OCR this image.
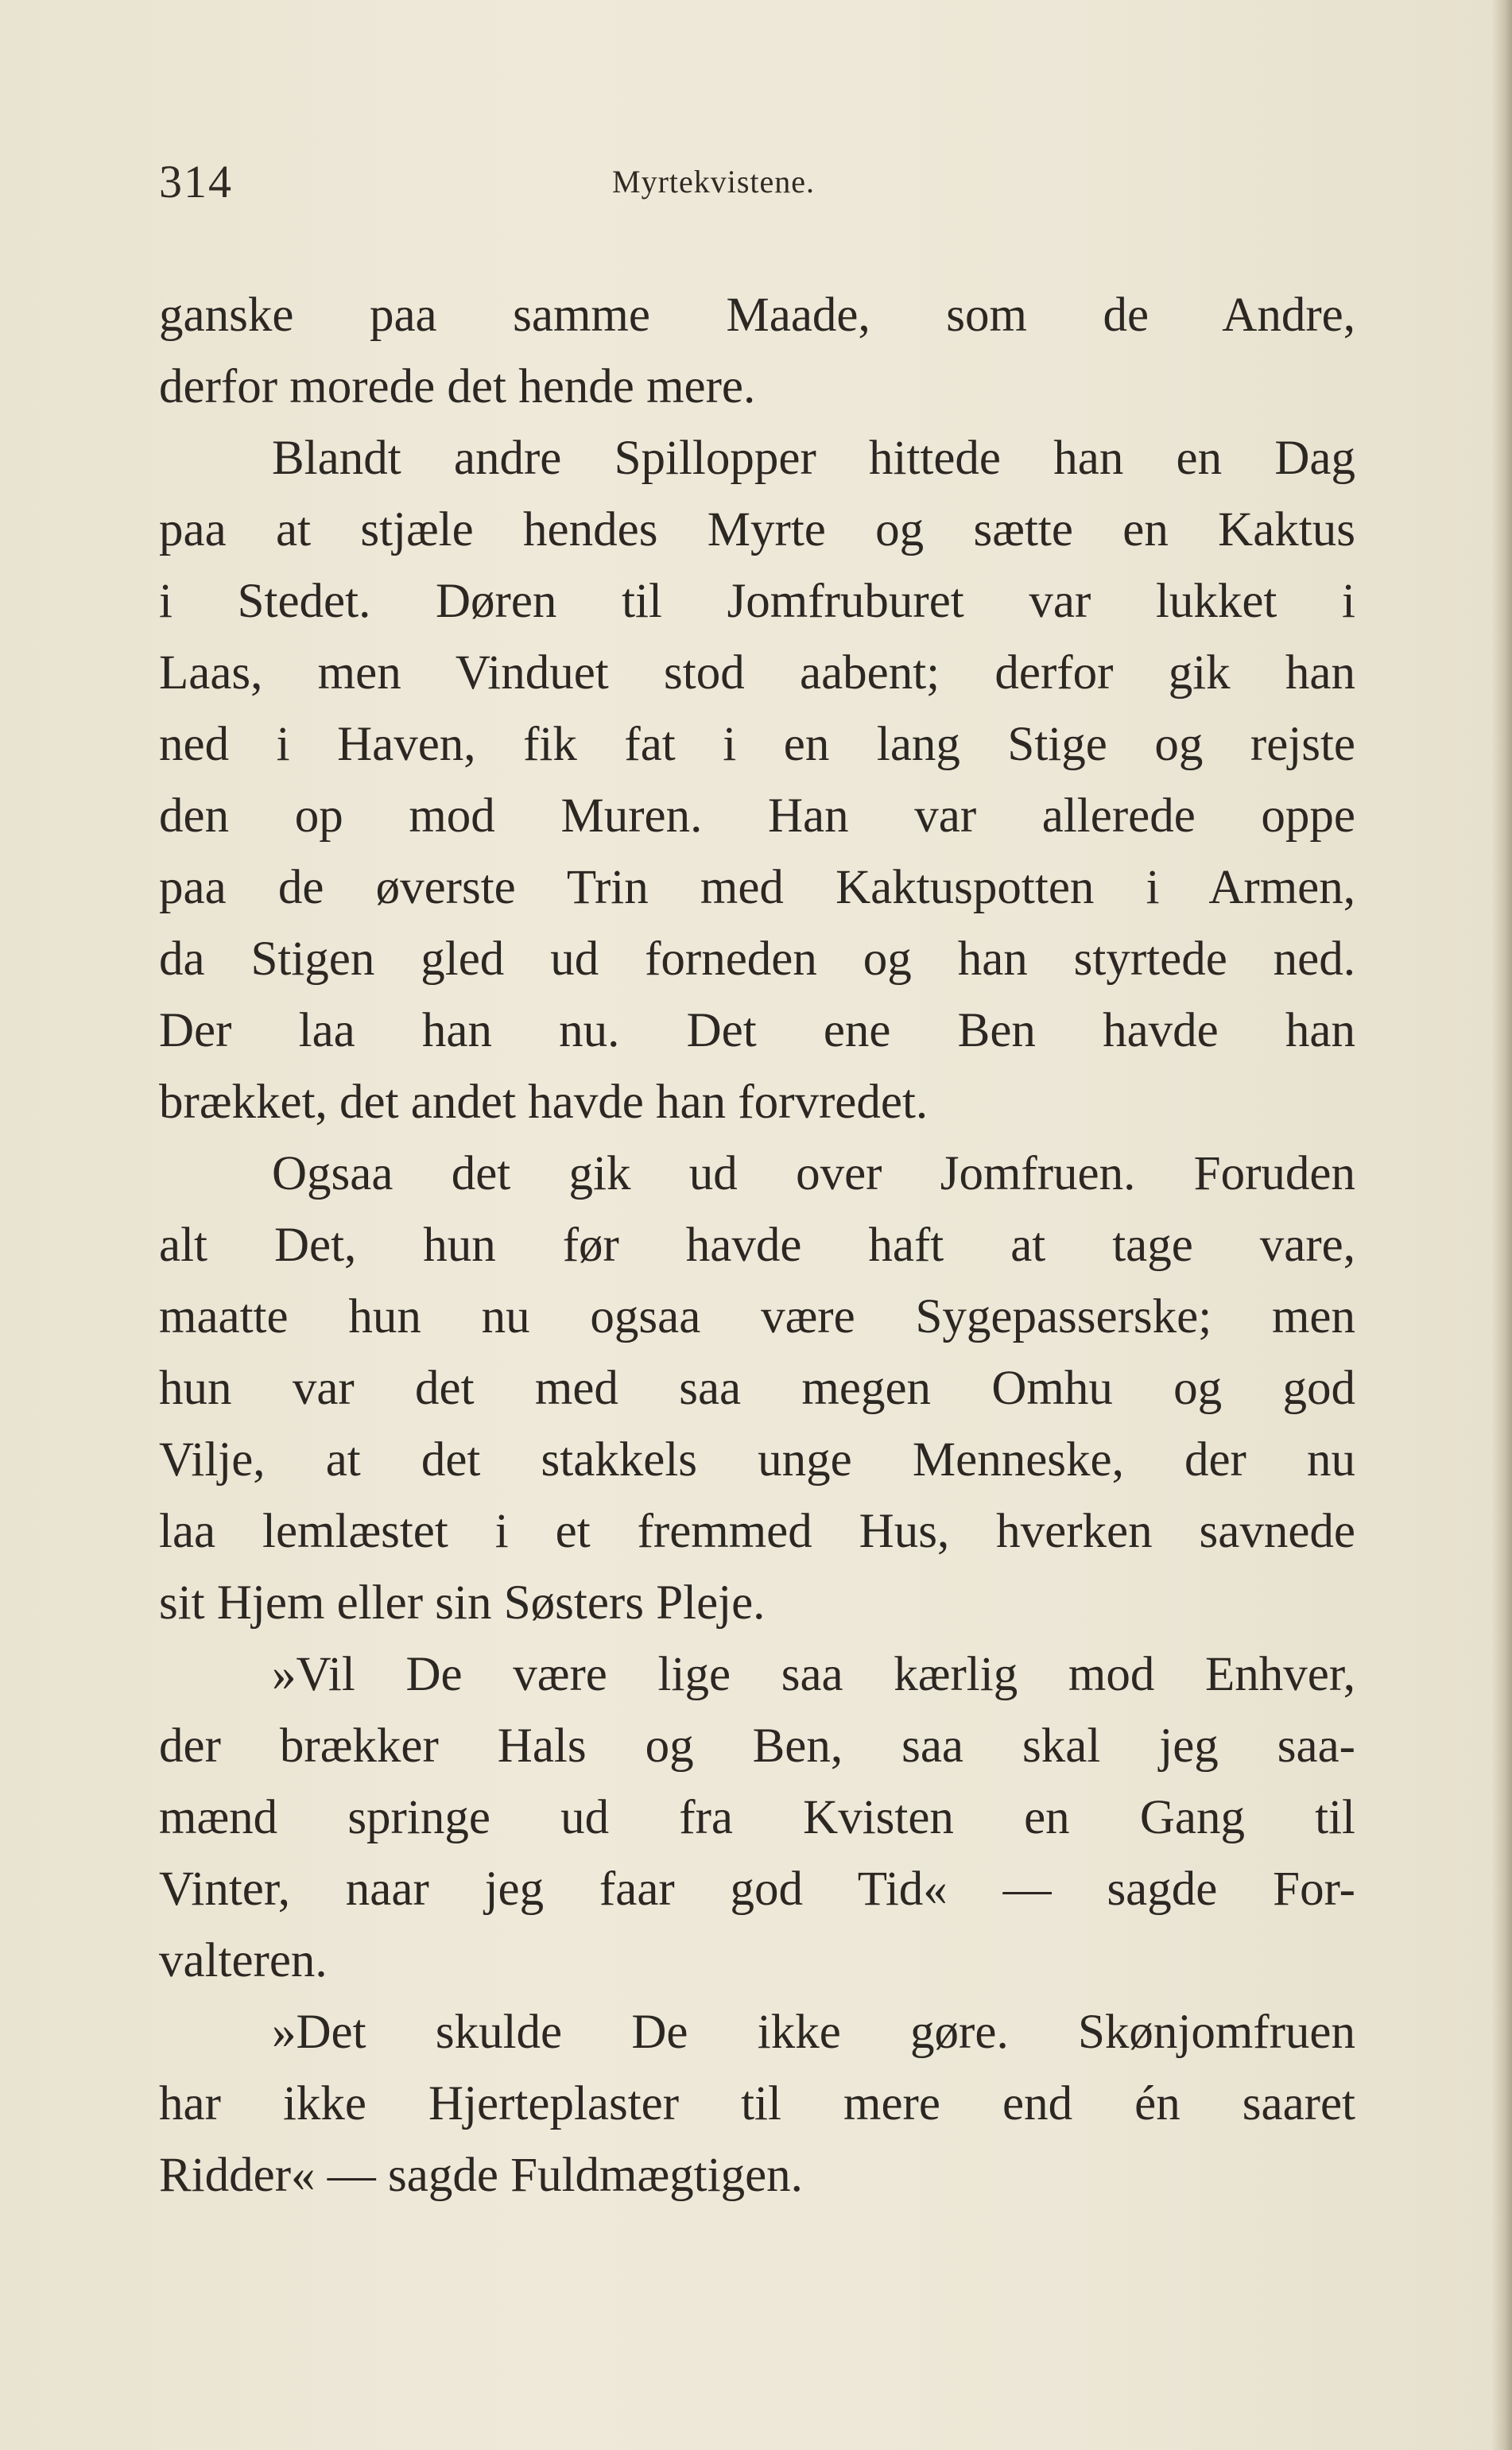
314	Myrtekvistene.
ganske paa samme Maade, som de Andre,
derfor morede det hende mere.
Blandt andre Spillopper hittede han en Dag
paa at stjæle hendes Myrte og sætte en Kaktus
i Stedet. Døren til Jomfruburet var lukket i
Laas, men Vinduet stod aabent; derfor gik han
ned i Haven, fik fat i en lang Stige og rejste
den op mod Muren. Han var allerede oppe
paa de øverste Trin med Kaktuspotten i Armen,
da Stigen gled ud forneden og han styrtede ned.
Der laa han nu. Det ene Ben havde han
brækket, det andet havde han forvredet.
Ogsaa det gik ud over Jomfruen. Foruden
alt Det, hun før havde haft at tage vare,
maatte hun nu ogsaa være Sygepasserske; men
hun var det med saa megen Omhu og god
Vilje, at det stakkels unge Menneske, der nu
laa lemlæstet i et fremmed Hus, hverken savnede
sit Hjem eller sin Søsters Pleje.
»Vil De være lige saa kærlig mod Enhver,
der brækker Hals og Ben, saa skal jeg saa-
mænd springe ud fra Kvisten en Gang til
Vinter, naar jeg faar god Tid« — sagde For-
valteren.
»Det skulde De ikke gøre. Skønjomfruen
har ikke Hjerteplaster til mere end én saaret
Ridder« — sagde Fuldmægtigen.
